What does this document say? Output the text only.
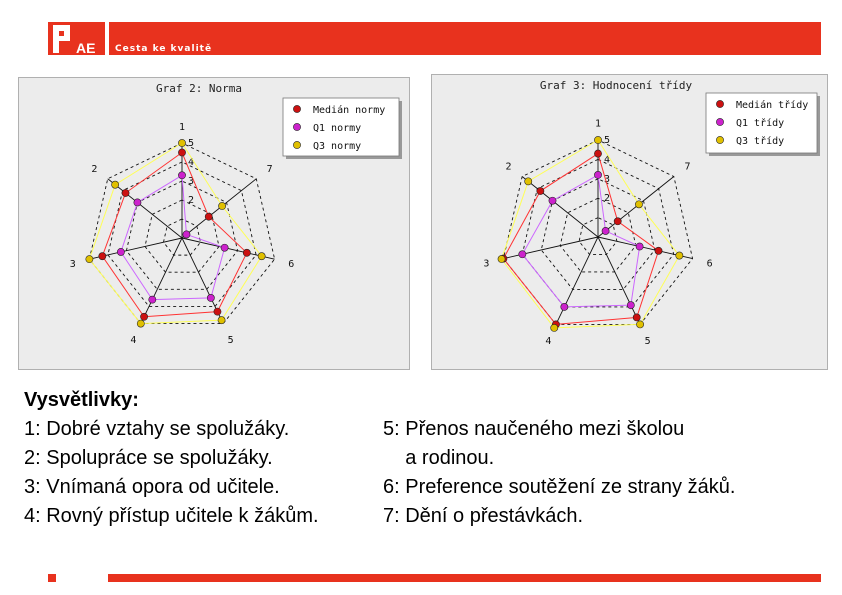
AE Cesta ke kvalitě
Graf 2: Norma
1
2
3
4	5
6
7
2
3
4
5
Medián normy
Q1 normy
Q3 normy
Graf 3: Hodnocení třídy
1
2
3
4	5
6
7
2
3
4
5
Medián třídy
Q1 třídy
Q3 třídy
Vysvětlivky:
1: Dobré vztahy se spolužáky.	5: Přenos naučeného mezi školou
2: Spolupráce se spolužáky.	a rodinou.
3: Vnímaná opora od učitele.	6: Preference soutěžení ze strany žáků.
4: Rovný přístup učitele k žákům.	7: Dění o přestávkách.
